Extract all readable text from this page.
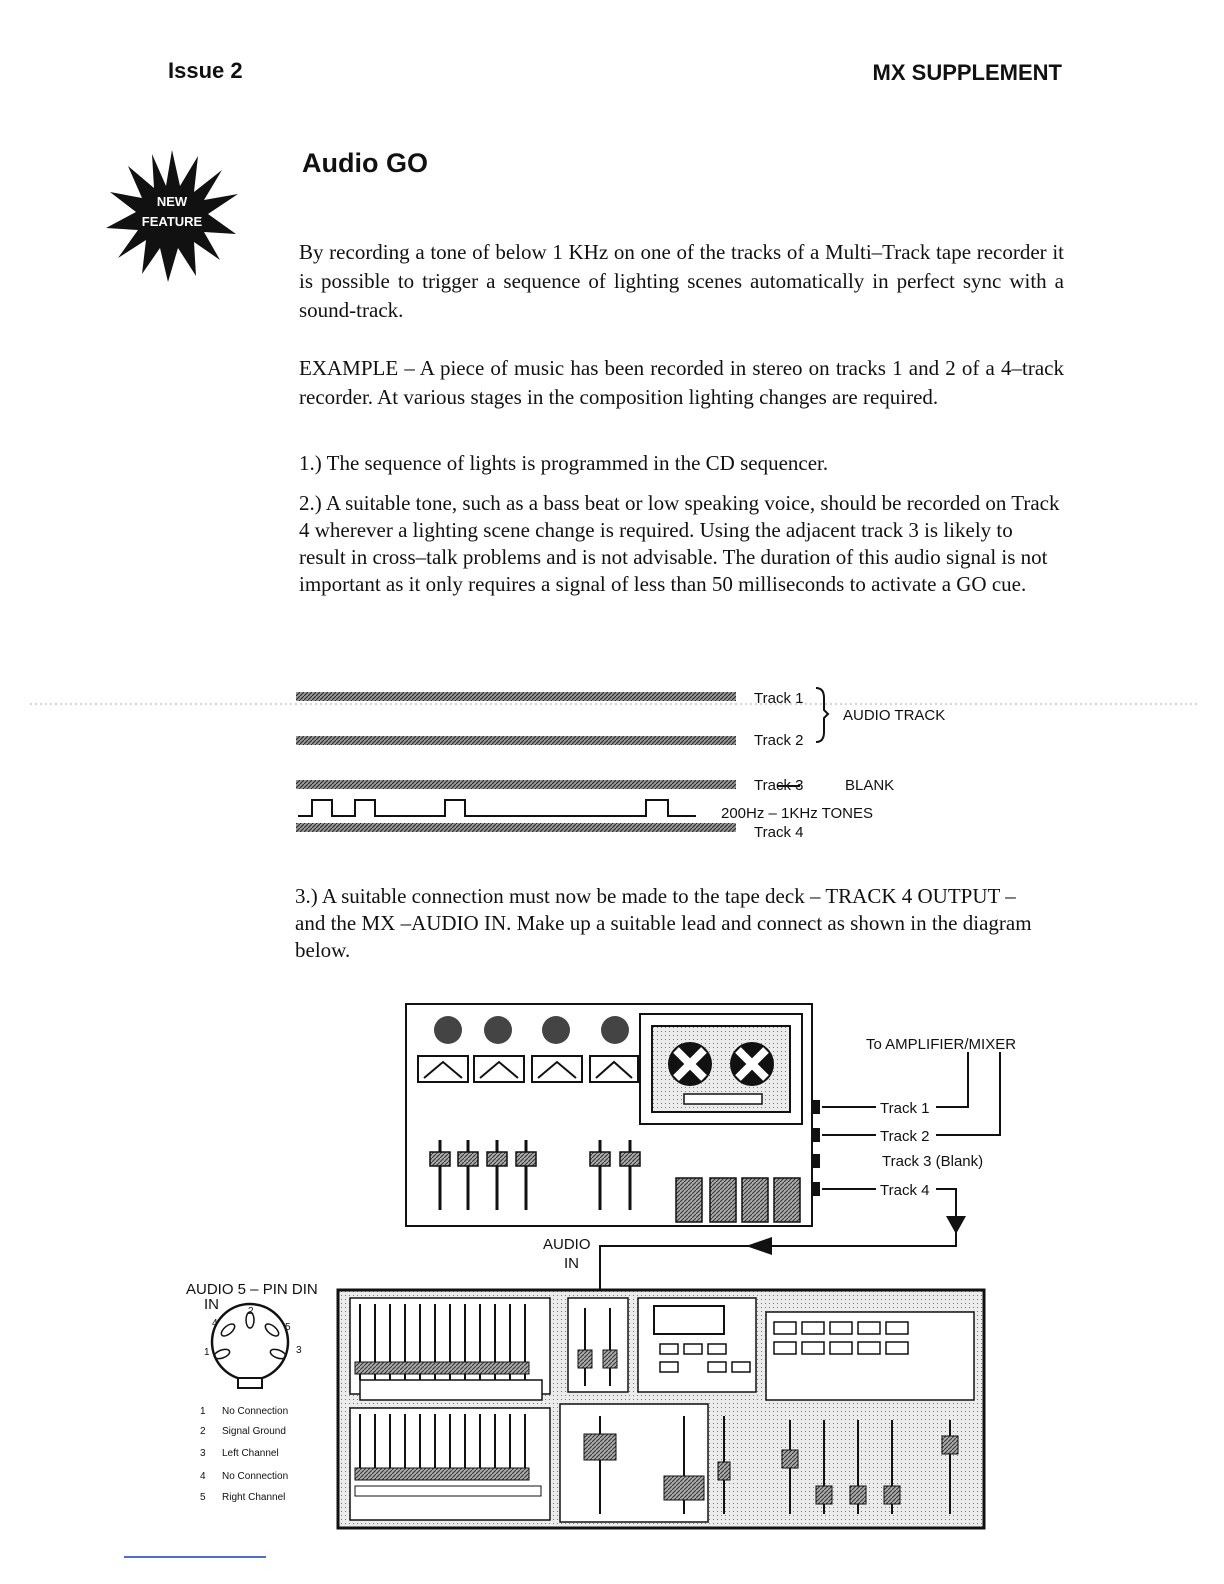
Issue 2	MX SUPPLEMENT
NEW
FEATURE
Audio GO

By recording a tone of below 1 KHz on one of the tracks of a Multi–Track tape recorder it is possible to trigger a sequence of lighting scenes automatically in perfect sync with a sound-track.

EXAMPLE – A piece of music has been recorded in stereo on tracks 1 and 2 of a 4–track recorder. At various stages in the composition lighting changes are required.

1.) The sequence of lights is programmed in the CD sequencer.

2.) A suitable tone, such as a bass beat or low speaking voice, should be recorded on Track 4 wherever a lighting scene change is required. Using the adjacent track 3 is likely to result in cross–talk problems and is not advisable. The duration of this audio signal is not important as it only requires a signal of less than 50 milliseconds to activate a GO cue.

3.) A suitable connection must now be made to the tape deck – TRACK 4 OUTPUT – and the MX –AUDIO IN. Make up a suitable lead and connect as shown in the diagram below.

Track 1
Track 2
AUDIO TRACK
Track 3	BLANK
200Hz – 1KHz TONES
Track 4
To AMPLIFIER/MIXER
Track 1
Track 2
Track 3 (Blank)
Track 4
AUDIO
IN
AUDIO 5 – PIN DIN
IN	2
4	5
1	3
1 No Connection
2 Signal Ground
3 Left Channel
4 No Connection
5 Right Channel
